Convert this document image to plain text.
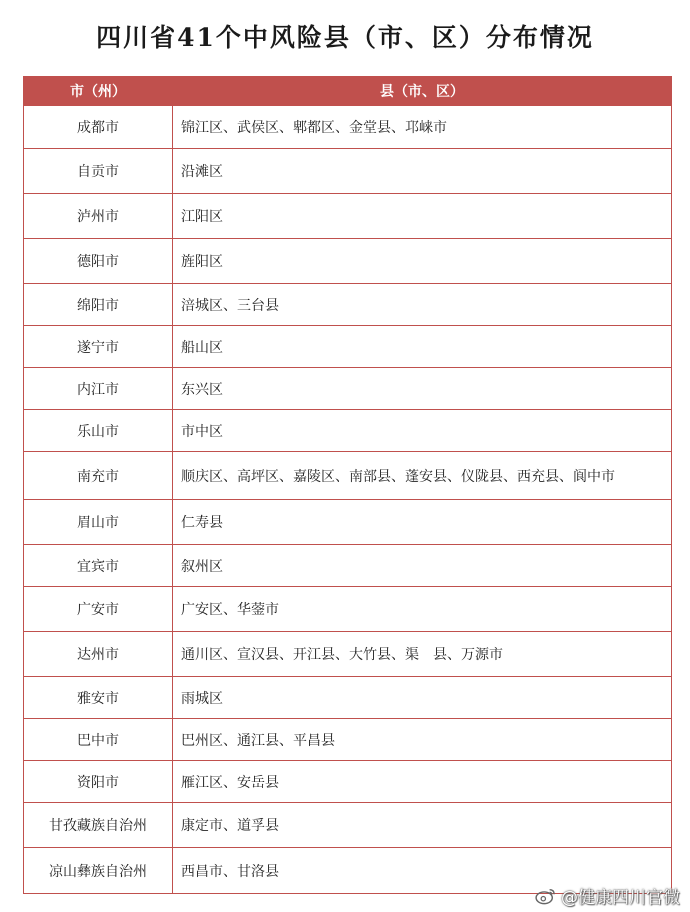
四川省41个中风险县（市、区）分布情况
市（州）	县（市、区）
成都市	锦江区、武侯区、郫都区、金堂县、邛崃市
自贡市	沿滩区
泸州市	江阳区
德阳市	旌阳区
绵阳市	涪城区、三台县
遂宁市	船山区
内江市	东兴区
乐山市	市中区
南充市	顺庆区、高坪区、嘉陵区、南部县、蓬安县、仪陇县、西充县、阆中市
眉山市	仁寿县
宜宾市	叙州区
广安市	广安区、华蓥市
达州市	通川区、宣汉县、开江县、大竹县、渠　县、万源市
雅安市	雨城区
巴中市	巴州区、通江县、平昌县
资阳市	雁江区、安岳县
甘孜藏族自治州	康定市、道孚县
凉山彝族自治州	西昌市、甘洛县
@健康四川官微
